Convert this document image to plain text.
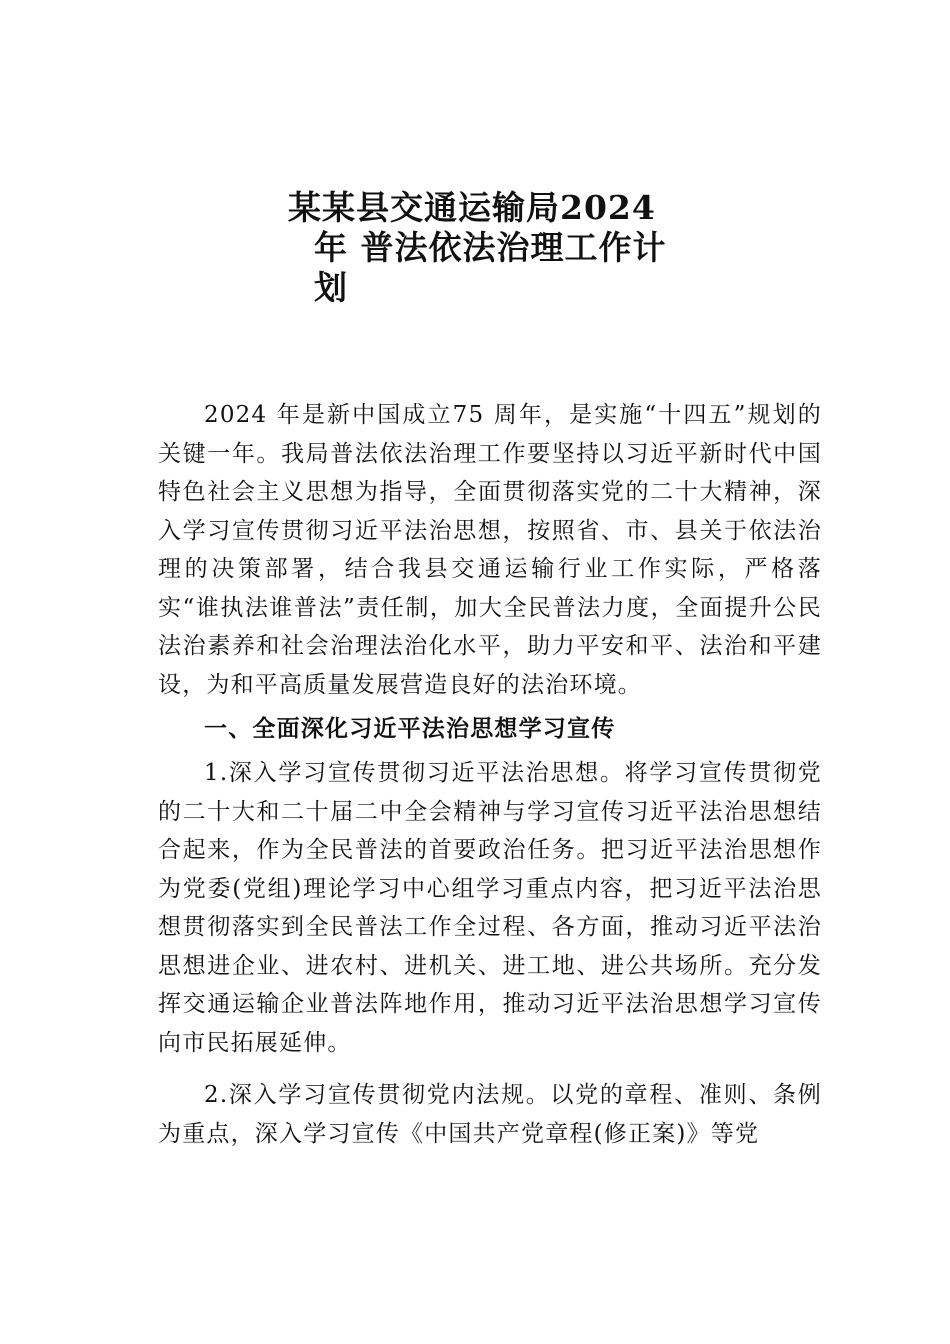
某某县交通运输局2024
年 普法依法治理工作计
划

2024 年是新中国成立75 周年，是实施“十四五”规划的关键一年。我局普法依法治理工作要坚持以习近平新时代中国特色社会主义思想为指导，全面贯彻落实党的二十大精神，深入学习宣传贯彻习近平法治思想，按照省、市、县关于依法治理的决策部署，结合我县交通运输行业工作实际，严格落实“谁执法谁普法”责任制，加大全民普法力度，全面提升公民法治素养和社会治理法治化水平，助力平安和平、法治和平建设，为和平高质量发展营造良好的法治环境。

一、全面深化习近平法治思想学习宣传

1.深入学习宣传贯彻习近平法治思想。将学习宣传贯彻党的二十大和二十届二中全会精神与学习宣传习近平法治思想结合起来，作为全民普法的首要政治任务。把习近平法治思想作为党委(党组)理论学习中心组学习重点内容，把习近平法治思想贯彻落实到全民普法工作全过程、各方面，推动习近平法治思想进企业、进农村、进机关、进工地、进公共场所。充分发挥交通运输企业普法阵地作用，推动习近平法治思想学习宣传向市民拓展延伸。

2.深入学习宣传贯彻党内法规。以党的章程、准则、条例为重点，深入学习宣传《中国共产党章程(修正案)》等党
